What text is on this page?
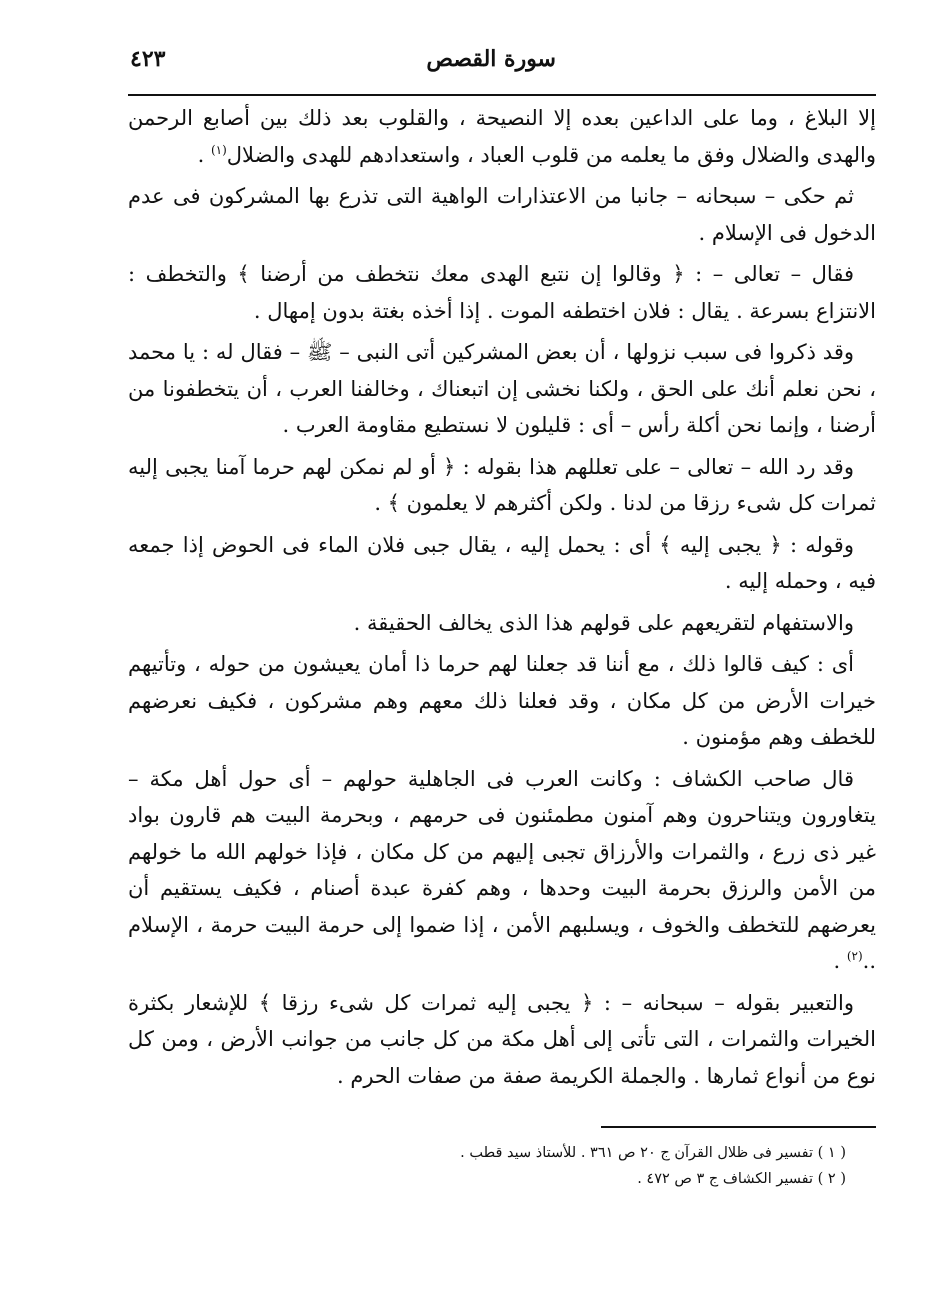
سورة القصص
٤٢٣

إلا البلاغ ، وما على الداعين بعده إلا النصيحة ، والقلوب بعد ذلك بين أصابع الرحمن والهدى والضلال وفق ما يعلمه من قلوب العباد ، واستعدادهم للهدى والضلال$^{(١)}$ .

ثم حكى – سبحانه – جانبا من الاعتذارات الواهية التى تذرع بها المشركون فى عدم الدخول فى الإسلام .

فقال – تعالى – : ﴿ وقالوا إن نتبع الهدى معك نتخطف من أرضنا ﴾ والتخطف : الانتزاع بسرعة . يقال : فلان اختطفه الموت . إذا أخذه بغتة بدون إمهال .

وقد ذكروا فى سبب نزولها ، أن بعض المشركين أتى النبى – ﷺ – فقال له : يا محمد ، نحن نعلم أنك على الحق ، ولكنا نخشى إن اتبعناك ، وخالفنا العرب ، أن يتخطفونا من أرضنا ، وإنما نحن أكلة رأس – أى : قليلون لا نستطيع مقاومة العرب .

وقد رد الله – تعالى – على تعللهم هذا بقوله : ﴿ أو لم نمكن لهم حرما آمنا يجبى إليه ثمرات كل شىء رزقا من لدنا . ولكن أكثرهم لا يعلمون ﴾ .

وقوله : ﴿ يجبى إليه ﴾ أى : يحمل إليه ، يقال جبى فلان الماء فى الحوض إذا جمعه فيه ، وحمله إليه .

والاستفهام لتقريعهم على قولهم هذا الذى يخالف الحقيقة .

أى : كيف قالوا ذلك ، مع أننا قد جعلنا لهم حرما ذا أمان يعيشون من حوله ، وتأتيهم خيرات الأرض من كل مكان ، وقد فعلنا ذلك معهم وهم مشركون ، فكيف نعرضهم للخطف وهم مؤمنون .

قال صاحب الكشاف : وكانت العرب فى الجاهلية حولهم – أى حول أهل مكة – يتغاورون ويتناحرون وهم آمنون مطمئنون فى حرمهم ، وبحرمة البيت هم قارون بواد غير ذى زرع ، والثمرات والأرزاق تجبى إليهم من كل مكان ، فإذا خولهم الله ما خولهم من الأمن والرزق بحرمة البيت وحدها ، وهم كفرة عبدة أصنام ، فكيف يستقيم أن يعرضهم للتخطف والخوف ، ويسلبهم الأمن ، إذا ضموا إلى حرمة البيت حرمة ، الإسلام ..$^{(٢)}$ .

والتعبير بقوله – سبحانه – : ﴿ يجبى إليه ثمرات كل شىء رزقا ﴾ للإشعار بكثرة الخيرات والثمرات ، التى تأتى إلى أهل مكة من كل جانب من جوانب الأرض ، ومن كل نوع من أنواع ثمارها . والجملة الكريمة صفة من صفات الحرم .

( ١ ) تفسير فى ظلال القرآن ج ٢٠ ص ٣٦١ . للأستاذ سيد قطب .

( ٢ ) تفسير الكشاف ج ٣ ص ٤٧٢ .
